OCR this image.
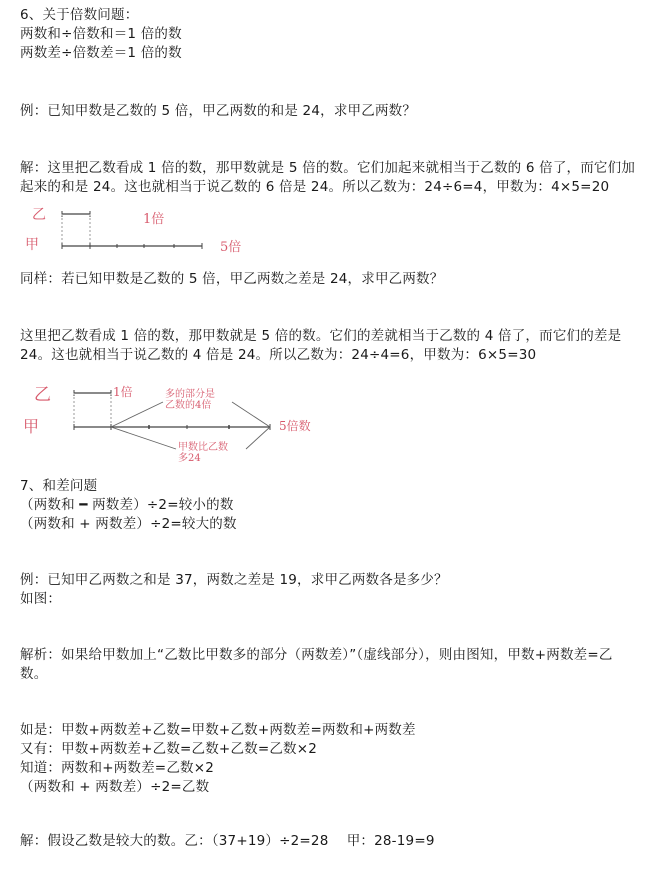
6、关于倍数问题：
两数和÷倍数和＝1 倍的数
两数差÷倍数差＝1 倍的数
例：已知甲数是乙数的 5 倍，甲乙两数的和是 24，求甲乙两数？
解：这里把乙数看成 1 倍的数，那甲数就是 5 倍的数。它们加起来就相当于乙数的 6 倍了，而它们加
起来的和是 24。这也就相当于说乙数的 6 倍是 24。所以乙数为：24÷6=4，甲数为：4×5=20
乙
甲
1倍
5倍
同样：若已知甲数是乙数的 5 倍，甲乙两数之差是 24，求甲乙两数？
这里把乙数看成 1 倍的数，那甲数就是 5 倍的数。它们的差就相当于乙数的 4 倍了，而它们的差是
24。这也就相当于说乙数的 4 倍是 24。所以乙数为：24÷4=6，甲数为：6×5=30
乙
甲
1倍
5倍数
多的部分是
乙数的4倍
甲数比乙数
多24
7、和差问题
（两数和 ━ 两数差）÷2=较小的数
（两数和 + 两数差）÷2=较大的数
例：已知甲乙两数之和是 37，两数之差是 19，求甲乙两数各是多少？
如图：
解析：如果给甲数加上“乙数比甲数多的部分（两数差）”（虚线部分），则由图知，甲数+两数差=乙
数。
如是：甲数+两数差+乙数=甲数+乙数+两数差=两数和+两数差
又有：甲数+两数差+乙数=乙数+乙数=乙数×2
知道：两数和+两数差=乙数×2
（两数和 + 两数差）÷2=乙数
解：假设乙数是较大的数。乙：（37+19）÷2=28　 甲：28-19=9
